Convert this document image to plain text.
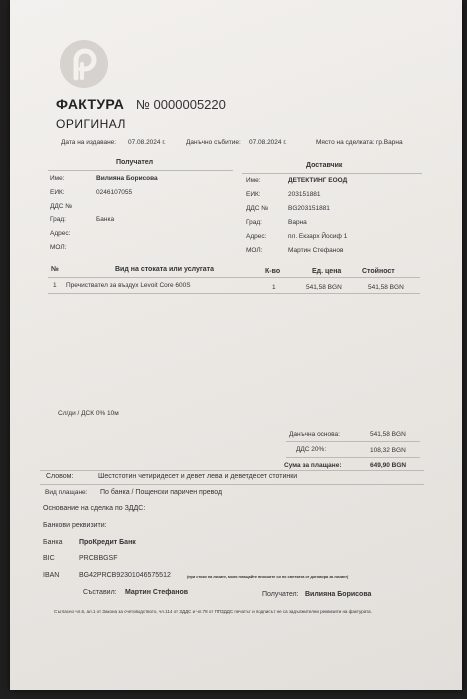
ФАКТУРА № 0000005220
ОРИГИНАЛ
Дата на издаване: 07.08.2024 г.	Данъчно събитие: 07.08.2024 г.	Място на сделката: гр.Варна
Получател
Име:	Вилияна Борисова
ЕИК:	0246107055
ДДС №
Град:	Банка
Адрес:
МОЛ:
Доставчик
Име:	ДЕТЕКТИНГ ЕООД
ЕИК:	203151881
ДДС №	BG203151881
Град:	Варна
Адрес:	пл. Екзарх Йосиф 1
МОЛ:	Мартин Стефанов
№	Вид на стоката или услугата	К-во	Ед. цена	Стойност
1 Пречиствател за въздух Levoit Core 600S	1	541,58 BGN	541,58 BGN
Сл/ди / ДСК 0% 10м
Данъчна основа:	541,58 BGN
ДДС 20%:	108,32 BGN
Сума за плащане:	649,90 BGN
Словом:	Шестстотин четиридесет и девет лева и деветдесет стотинки
Вид плащане: По банка / Пощенски паричен превод
Основание на сделка по ЗДДС:
Банкови реквизити:
Банка ПроКредит Банк
BIC	PRCBBGSF
IBAN	BG42PRCB92301046575512	(при стоки на лизинг, моля плащайте вноските си по сметката от договора за лизинг)
Съставил: Мартин Стефанов	Получател: Вилияна Борисова
Съгласно чл.6, ал.1 от Закона за счетоводството, чл.114 от ЗДДС и чл.78 от ППЗДДС печатът и подписът не са задължителни реквизити на фактурата.
